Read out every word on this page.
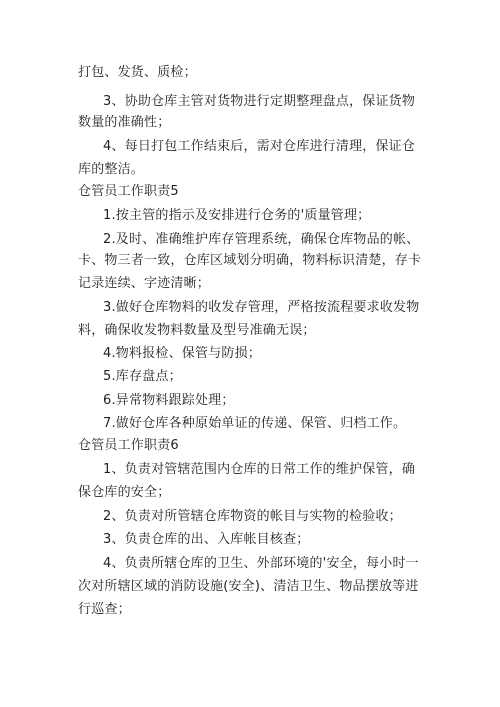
打包、发货、质检；
3、协助仓库主管对货物进行定期整理盘点，保证货物
数量的准确性；
4、每日打包工作结束后，需对仓库进行清理，保证仓
库的整洁。
仓管员工作职责5
1.按主管的指示及安排进行仓务的'质量管理；
2.及时、准确维护库存管理系统，确保仓库物品的帐、
卡、物三者一致，仓库区域划分明确，物料标识清楚，存卡
记录连续、字迹清晰；
3.做好仓库物料的收发存管理，严格按流程要求收发物
料，确保收发物料数量及型号准确无误；
4.物料报检、保管与防损；
5.库存盘点；
6.异常物料跟踪处理；
7.做好仓库各种原始单证的传递、保管、归档工作。
仓管员工作职责6
1、负责对管辖范围内仓库的日常工作的维护保管，确
保仓库的安全；
2、负责对所管辖仓库物资的帐目与实物的检验收；
3、负责仓库的出、入库帐目核查；
4、负责所辖仓库的卫生、外部环境的'安全，每小时一
次对所辖区域的消防设施(安全)、清洁卫生、物品摆放等进
行巡查；
